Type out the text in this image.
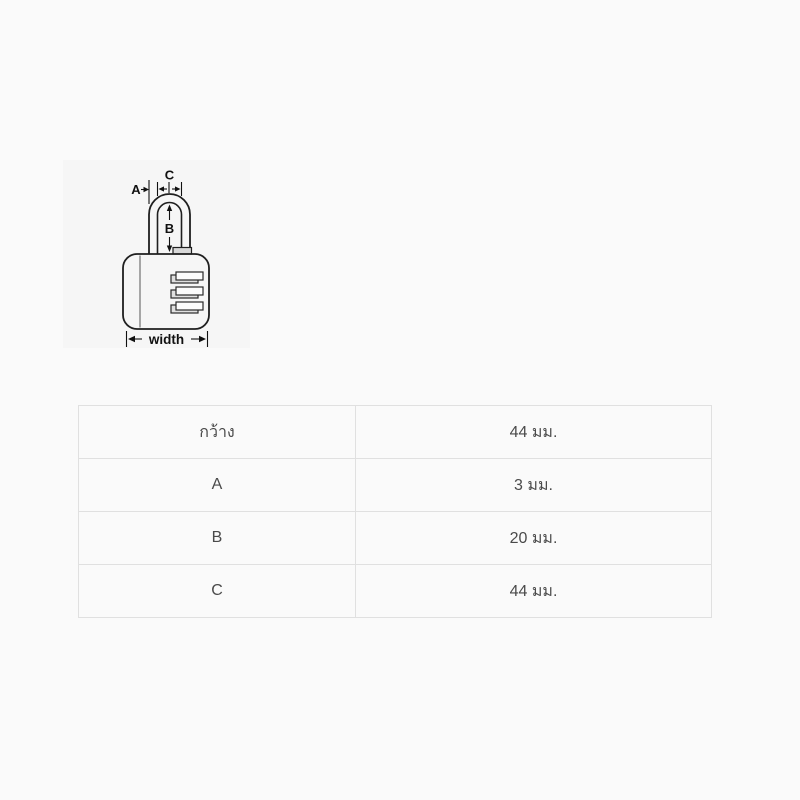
A
C
B
width
กว้าง	44 มม.
A	3 มม.
B	20 มม.
C	44 มม.
